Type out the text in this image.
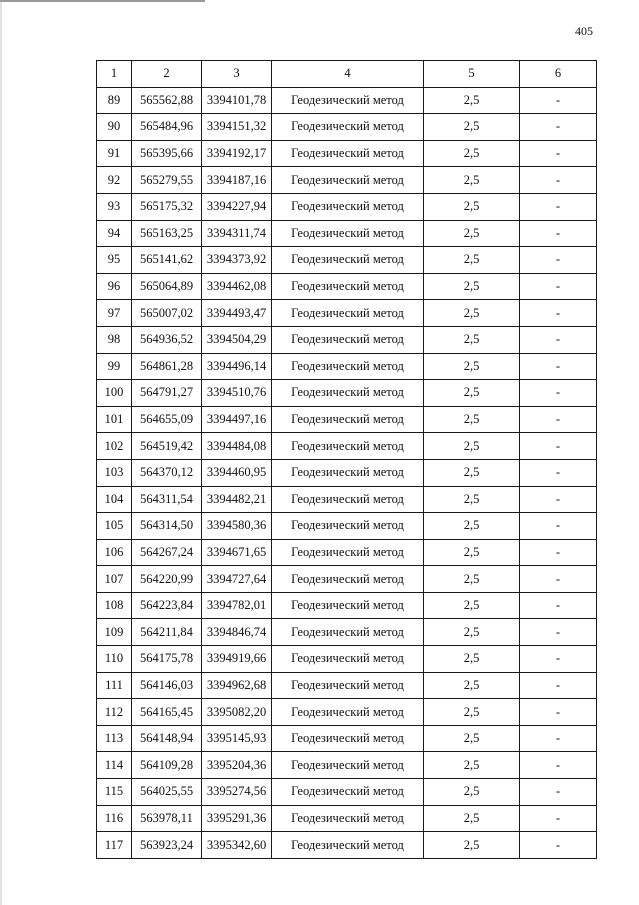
405
1	2	3	4	5	6
89	565562,88	3394101,78	Геодезический метод	2,5	-
90	565484,96	3394151,32	Геодезический метод	2,5	-
91	565395,66	3394192,17	Геодезический метод	2,5	-
92	565279,55	3394187,16	Геодезический метод	2,5	-
93	565175,32	3394227,94	Геодезический метод	2,5	-
94	565163,25	3394311,74	Геодезический метод	2,5	-
95	565141,62	3394373,92	Геодезический метод	2,5	-
96	565064,89	3394462,08	Геодезический метод	2,5	-
97	565007,02	3394493,47	Геодезический метод	2,5	-
98	564936,52	3394504,29	Геодезический метод	2,5	-
99	564861,28	3394496,14	Геодезический метод	2,5	-
100	564791,27	3394510,76	Геодезический метод	2,5	-
101	564655,09	3394497,16	Геодезический метод	2,5	-
102	564519,42	3394484,08	Геодезический метод	2,5	-
103	564370,12	3394460,95	Геодезический метод	2,5	-
104	564311,54	3394482,21	Геодезический метод	2,5	-
105	564314,50	3394580,36	Геодезический метод	2,5	-
106	564267,24	3394671,65	Геодезический метод	2,5	-
107	564220,99	3394727,64	Геодезический метод	2,5	-
108	564223,84	3394782,01	Геодезический метод	2,5	-
109	564211,84	3394846,74	Геодезический метод	2,5	-
110	564175,78	3394919,66	Геодезический метод	2,5	-
111	564146,03	3394962,68	Геодезический метод	2,5	-
112	564165,45	3395082,20	Геодезический метод	2,5	-
113	564148,94	3395145,93	Геодезический метод	2,5	-
114	564109,28	3395204,36	Геодезический метод	2,5	-
115	564025,55	3395274,56	Геодезический метод	2,5	-
116	563978,11	3395291,36	Геодезический метод	2,5	-
117	563923,24	3395342,60	Геодезический метод	2,5	-
